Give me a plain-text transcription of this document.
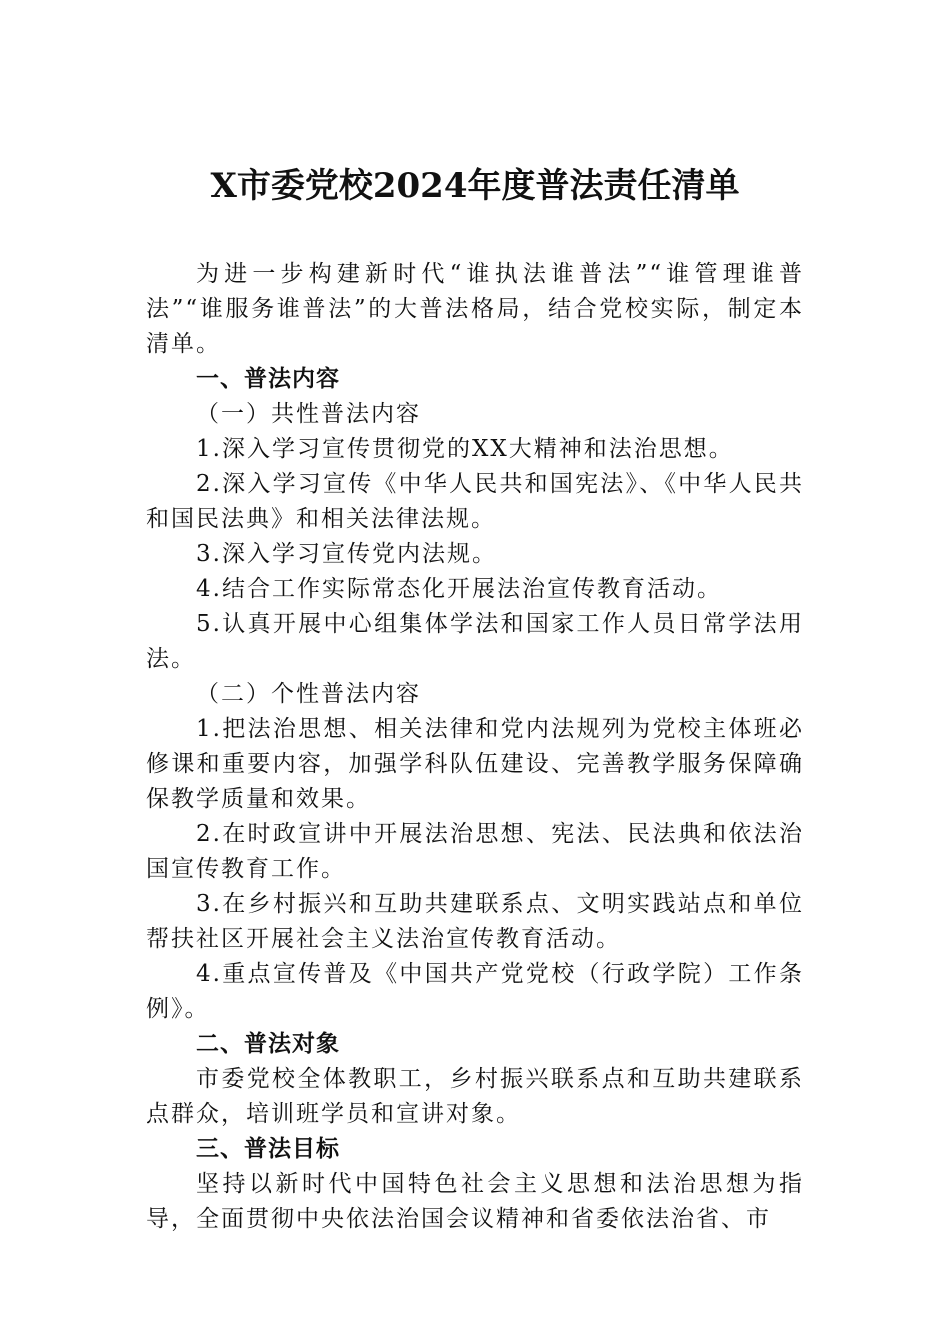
X市委党校2024年度普法责任清单

为进一步构建新时代“谁执法谁普法”“谁管理谁普法”“谁服务谁普法”的大普法格局，结合党校实际，制定本清单。

一、普法内容

（一）共性普法内容

1.深入学习宣传贯彻党的XX大精神和法治思想。

2.深入学习宣传《中华人民共和国宪法》、《中华人民共和国民法典》和相关法律法规。

3.深入学习宣传党内法规。

4.结合工作实际常态化开展法治宣传教育活动。

5.认真开展中心组集体学法和国家工作人员日常学法用法。

（二）个性普法内容

1.把法治思想、相关法律和党内法规列为党校主体班必修课和重要内容，加强学科队伍建设、完善教学服务保障确保教学质量和效果。

2.在时政宣讲中开展法治思想、宪法、民法典和依法治国宣传教育工作。

3.在乡村振兴和互助共建联系点、文明实践站点和单位帮扶社区开展社会主义法治宣传教育活动。

4.重点宣传普及《中国共产党党校（行政学院）工作条例》。

二、普法对象

市委党校全体教职工，乡村振兴联系点和互助共建联系点群众，培训班学员和宣讲对象。

三、普法目标

坚持以新时代中国特色社会主义思想和法治思想为指导，全面贯彻中央依法治国会议精神和省委依法治省、市
